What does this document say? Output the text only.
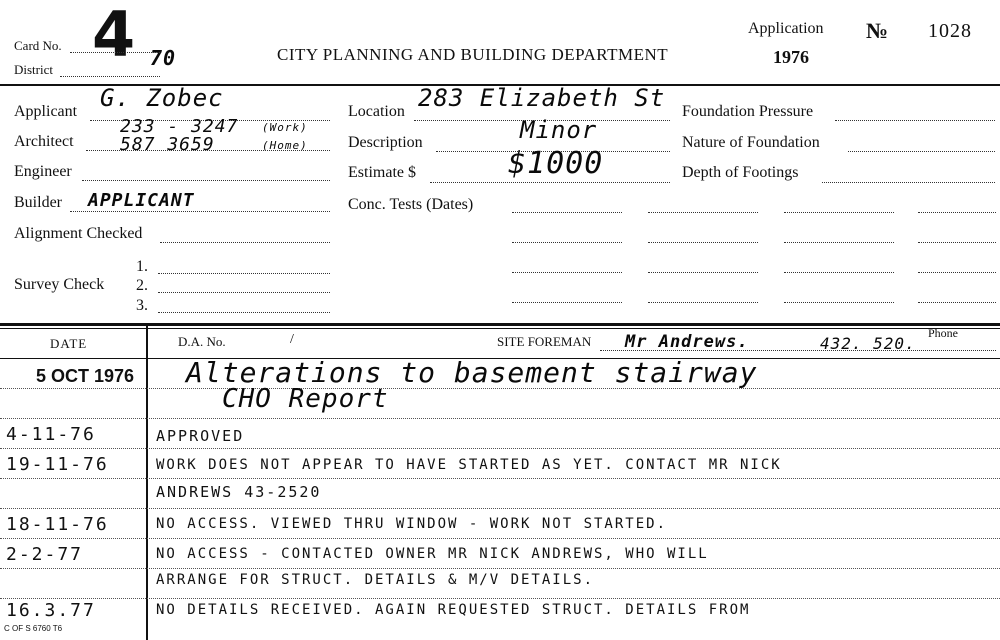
Card No. 4 70
District
CITY PLANNING AND BUILDING DEPARTMENT
Application
1976
№ 1028
Applicant G. Zobec
Architect
233 - 3247 (Work)
587 3659	(Home)
Engineer
Builder APPLICANT
Alignment Checked
Survey Check
1.
2.
3.
Location 283 Elizabeth St
Description	Minor
Estimate $	$1000
Conc. Tests (Dates)
Foundation Pressure
Nature of Foundation
Depth of Footings
DATE	D.A. No.	/	SITE FOREMAN Mr Andrews.	432. 520.
Phone
5 OCT 1976 Alterations to basement stairway
CHO Report
4-11-76	APPROVED
19-11-76	WORK DOES NOT APPEAR TO HAVE STARTED AS YET. CONTACT MR NICK
ANDREWS 43-2520
18-11-76	NO ACCESS. VIEWED THRU WINDOW - WORK NOT STARTED.
2-2-77	NO ACCESS - CONTACTED OWNER MR NICK ANDREWS, WHO WILL
ARRANGE FOR STRUCT. DETAILS & M/V DETAILS.
16.3.77	NO DETAILS RECEIVED. AGAIN REQUESTED STRUCT. DETAILS FROM
C OF S 6760 T6
